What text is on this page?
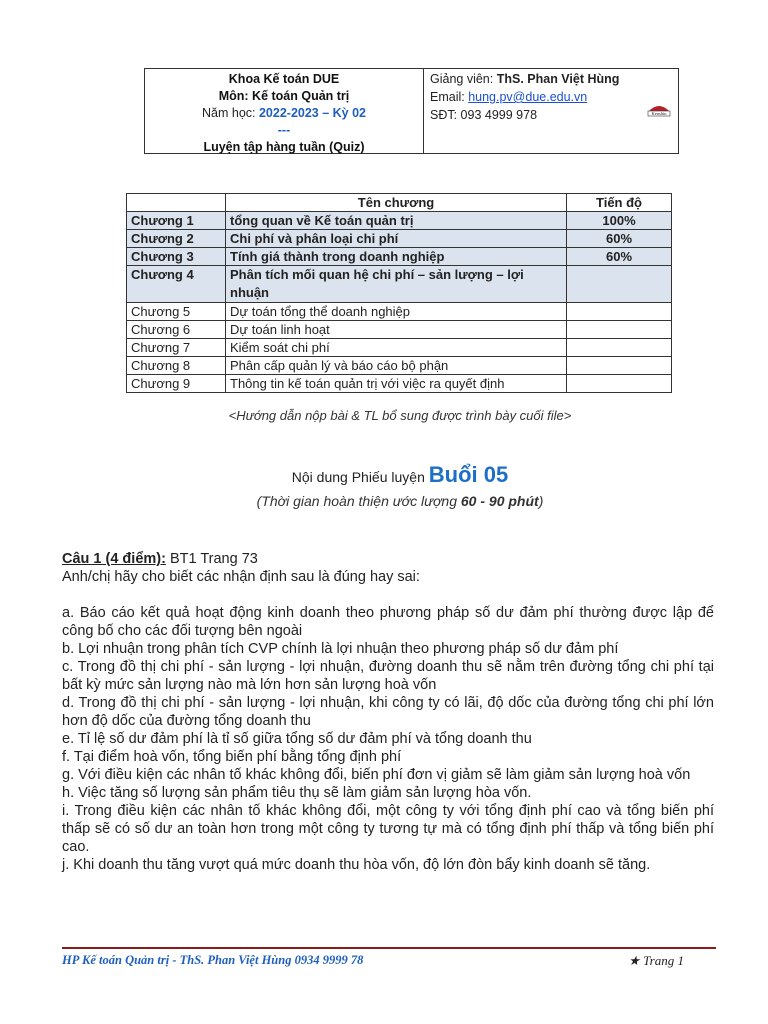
Khoa Kế toán DUE
Môn: Kế toán Quản trị
Năm học: 2022-2023 – Kỳ 02
---
Luyện tập hàng tuần (Quiz)
Giảng viên: ThS. Phan Việt Hùng
Email: hung.pv@due.edu.vn
SĐT: 093 4999 978	Kenshin
·
	Tên chương	Tiến độ
Chương 1	tổng quan về Kế toán quản trị	100%
Chương 2	Chi phí và phân loại chi phí	60%
Chương 3	Tính giá thành trong doanh nghiệp	60%
Chương 4	Phân tích mối quan hệ chi phí – sản lượng – lợi nhuận	
Chương 5	Dự toán tổng thể doanh nghiệp	
Chương 6	Dự toán linh hoạt	
Chương 7	Kiểm soát chi phí	
Chương 8	Phân cấp quản lý và báo cáo bộ phận	
Chương 9	Thông tin kế toán quản trị với việc ra quyết định	
<Hướng dẫn nộp bài & TL bổ sung được trình bày cuối file>
Nội dung Phiếu luyện Buổi 05
(Thời gian hoàn thiện ước lượng 60 - 90 phút)
Câu 1 (4 điểm): BT1 Trang 73
Anh/chị hãy cho biết các nhận định sau là đúng hay sai:
a. Báo cáo kết quả hoạt động kinh doanh theo phương pháp số dư đảm phí thường được lập để công bố cho các đối tượng bên ngoài
b. Lợi nhuận trong phân tích CVP chính là lợi nhuận theo phương pháp số dư đảm phí
c. Trong đồ thị chi phí - sản lượng - lợi nhuận, đường doanh thu sẽ nằm trên đường tổng chi phí tại bất kỳ mức sản lượng nào mà lớn hơn sản lượng hoà vốn
d. Trong đồ thị chi phí - sản lượng - lợi nhuận, khi công ty có lãi, độ dốc của đường tổng chi phí lớn hơn độ dốc của đường tổng doanh thu
e. Tỉ lệ số dư đảm phí là tỉ số giữa tổng số dư đảm phí và tổng doanh thu
f. Tại điểm hoà vốn, tổng biến phí bằng tổng định phí
g. Với điều kiện các nhân tố khác không đổi, biến phí đơn vị giảm sẽ làm giảm sản lượng hoà vốn
h. Việc tăng số lượng sản phẩm tiêu thụ sẽ làm giảm sản lượng hòa vốn.
i. Trong điều kiện các nhân tố khác không đổi, một công ty với tổng định phí cao và tổng biến phí thấp sẽ có số dư an toàn hơn trong một công ty tương tự mà có tổng định phí thấp và tổng biến phí cao.
j. Khi doanh thu tăng vượt quá mức doanh thu hòa vốn, độ lớn đòn bẩy kinh doanh sẽ tăng.
HP Kế toán Quản trị - ThS. Phan Việt Hùng 0934 9999 78	★ Trang 1
